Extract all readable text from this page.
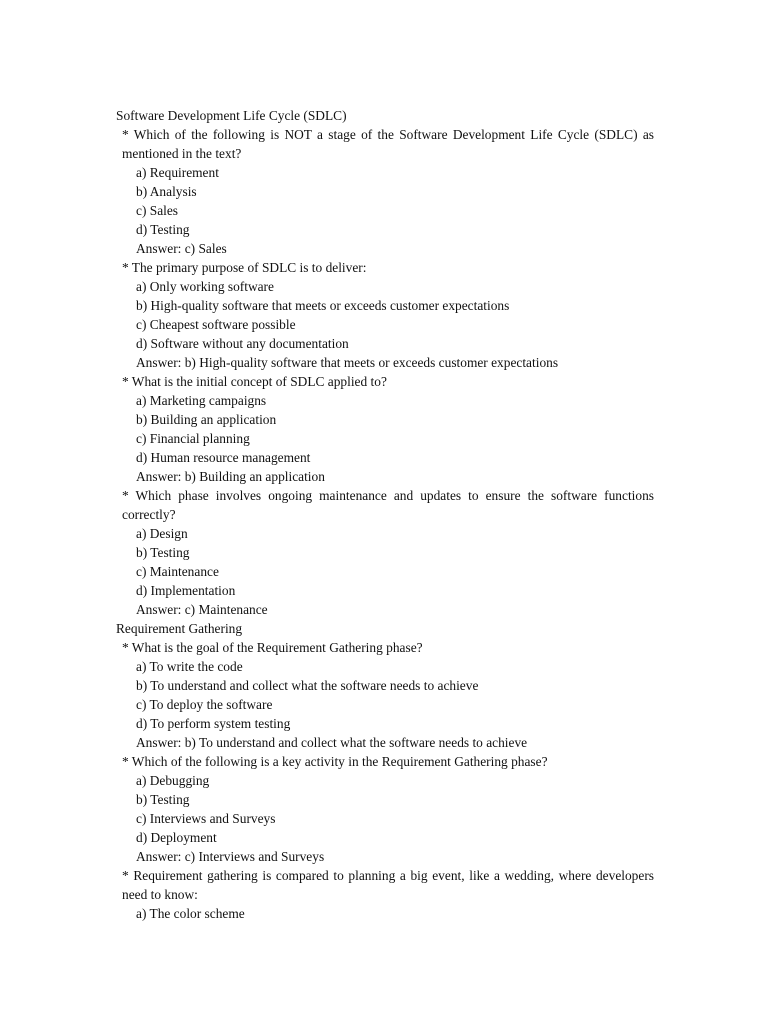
Software Development Life Cycle (SDLC)

* Which of the following is NOT a stage of the Software Development Life Cycle (SDLC) as mentioned in the text?

a) Requirement

b) Analysis

c) Sales

d) Testing

Answer: c) Sales

* The primary purpose of SDLC is to deliver:

a) Only working software

b) High-quality software that meets or exceeds customer expectations

c) Cheapest software possible

d) Software without any documentation

Answer: b) High-quality software that meets or exceeds customer expectations

* What is the initial concept of SDLC applied to?

a) Marketing campaigns

b) Building an application

c) Financial planning

d) Human resource management

Answer: b) Building an application

* Which phase involves ongoing maintenance and updates to ensure the software functions correctly?

a) Design

b) Testing

c) Maintenance

d) Implementation

Answer: c) Maintenance

Requirement Gathering

* What is the goal of the Requirement Gathering phase?

a) To write the code

b) To understand and collect what the software needs to achieve

c) To deploy the software

d) To perform system testing

Answer: b) To understand and collect what the software needs to achieve

* Which of the following is a key activity in the Requirement Gathering phase?

a) Debugging

b) Testing

c) Interviews and Surveys

d) Deployment

Answer: c) Interviews and Surveys

* Requirement gathering is compared to planning a big event, like a wedding, where developers need to know:

a) The color scheme
